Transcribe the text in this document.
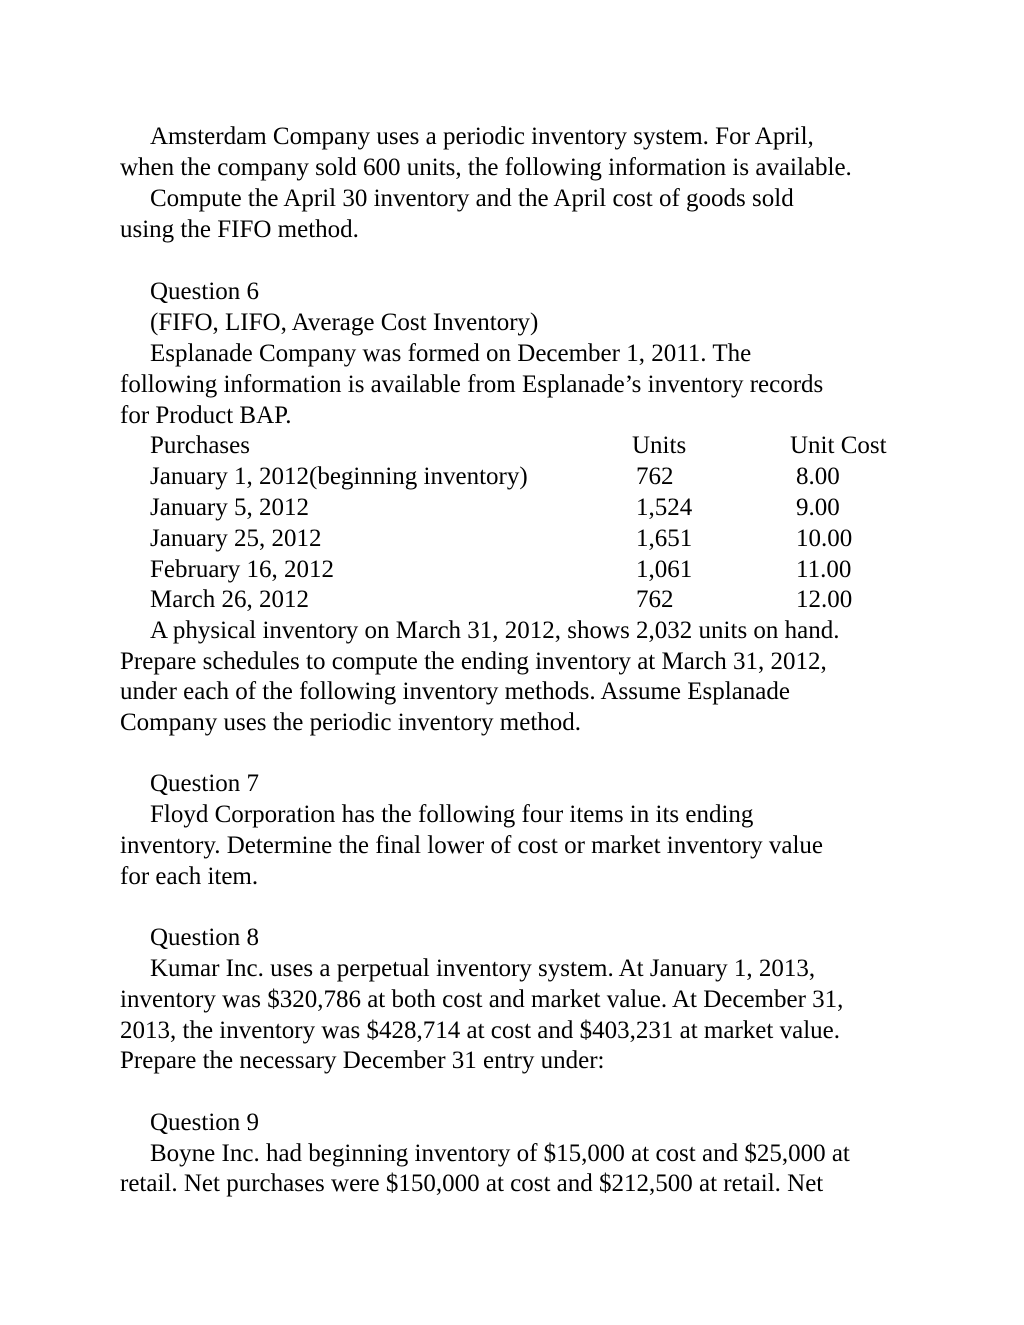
Amsterdam Company uses a periodic inventory system. For April,
when the company sold 600 units, the following information is available.
Compute the April 30 inventory and the April cost of goods sold
using the FIFO method.
Question 6
(FIFO, LIFO, Average Cost Inventory)
Esplanade Company was formed on December 1, 2011. The
following information is available from Esplanade’s inventory records
for Product BAP.
Purchases	Units	Unit Cost
January 1, 2012(beginning inventory)	762	8.00
January 5, 2012	1,524	9.00
January 25, 2012	1,651	10.00
February 16, 2012	1,061	11.00
March 26, 2012	762	12.00
A physical inventory on March 31, 2012, shows 2,032 units on hand.
Prepare schedules to compute the ending inventory at March 31, 2012,
under each of the following inventory methods. Assume Esplanade
Company uses the periodic inventory method.
Question 7
Floyd Corporation has the following four items in its ending
inventory. Determine the final lower of cost or market inventory value
for each item.
Question 8
Kumar Inc. uses a perpetual inventory system. At January 1, 2013,
inventory was $320,786 at both cost and market value. At December 31,
2013, the inventory was $428,714 at cost and $403,231 at market value.
Prepare the necessary December 31 entry under:
Question 9
Boyne Inc. had beginning inventory of $15,000 at cost and $25,000 at
retail. Net purchases were $150,000 at cost and $212,500 at retail. Net
